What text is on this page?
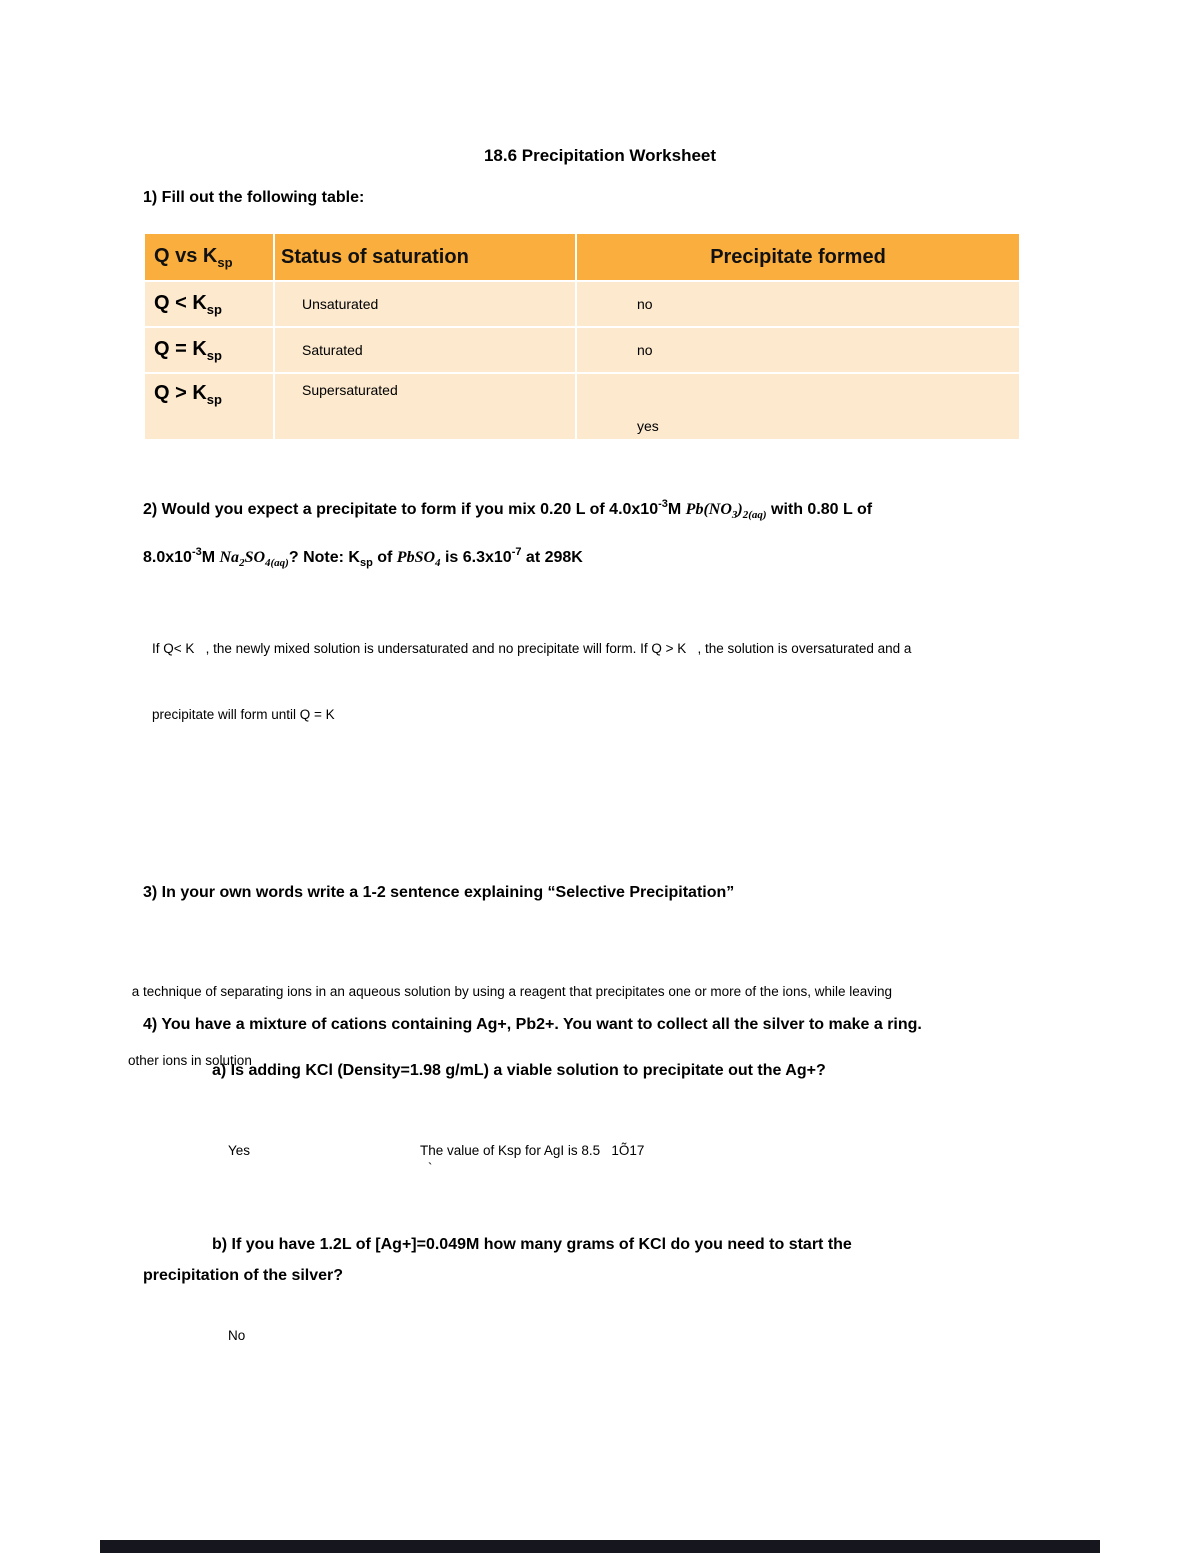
18.6 Precipitation Worksheet
1) Fill out the following table:
Q vs $K_{sp}$	Status of saturation	Precipitate formed
$Q < K_{sp}$	Unsaturated	no
$Q = K_{sp}$	Saturated	no
$Q > K_{sp}$	Supersaturated	yes
2) Would you expect a precipitate to form if you mix 0.20 L of $4.0x10^{-3}M$ $Pb(NO_3)_{2(aq)}$ with 0.80 L of
$8.0x10^{-3}M$ $Na_2SO_{4(aq)}$? Note: $K_{sp}$ of PbSO$_4$ is $6.3x10^{-7}$ at 298K

If Q< K   , the newly mixed solution is undersaturated and no precipitate will form. If Q > K   , the solution is oversaturated and a

precipitate will form until Q = K

3) In your own words write a 1-2 sentence explaining “Selective Precipitation”

a technique of separating ions in an aqueous solution by using a reagent that precipitates one or more of the ions, while leaving

other ions in solution

4) You have a mixture of cations containing Ag+, Pb2+. You want to collect all the silver to make a ring.
a) Is adding KCl (Density=1.98 g/mL) a viable solution to precipitate out the Ag+?
Yes	The value of Ksp for AgI is 8.5   1Õ17
`
b) If you have 1.2L of [Ag+]=0.049M how many grams of KCl do you need to start the
precipitation of the silver?
No
